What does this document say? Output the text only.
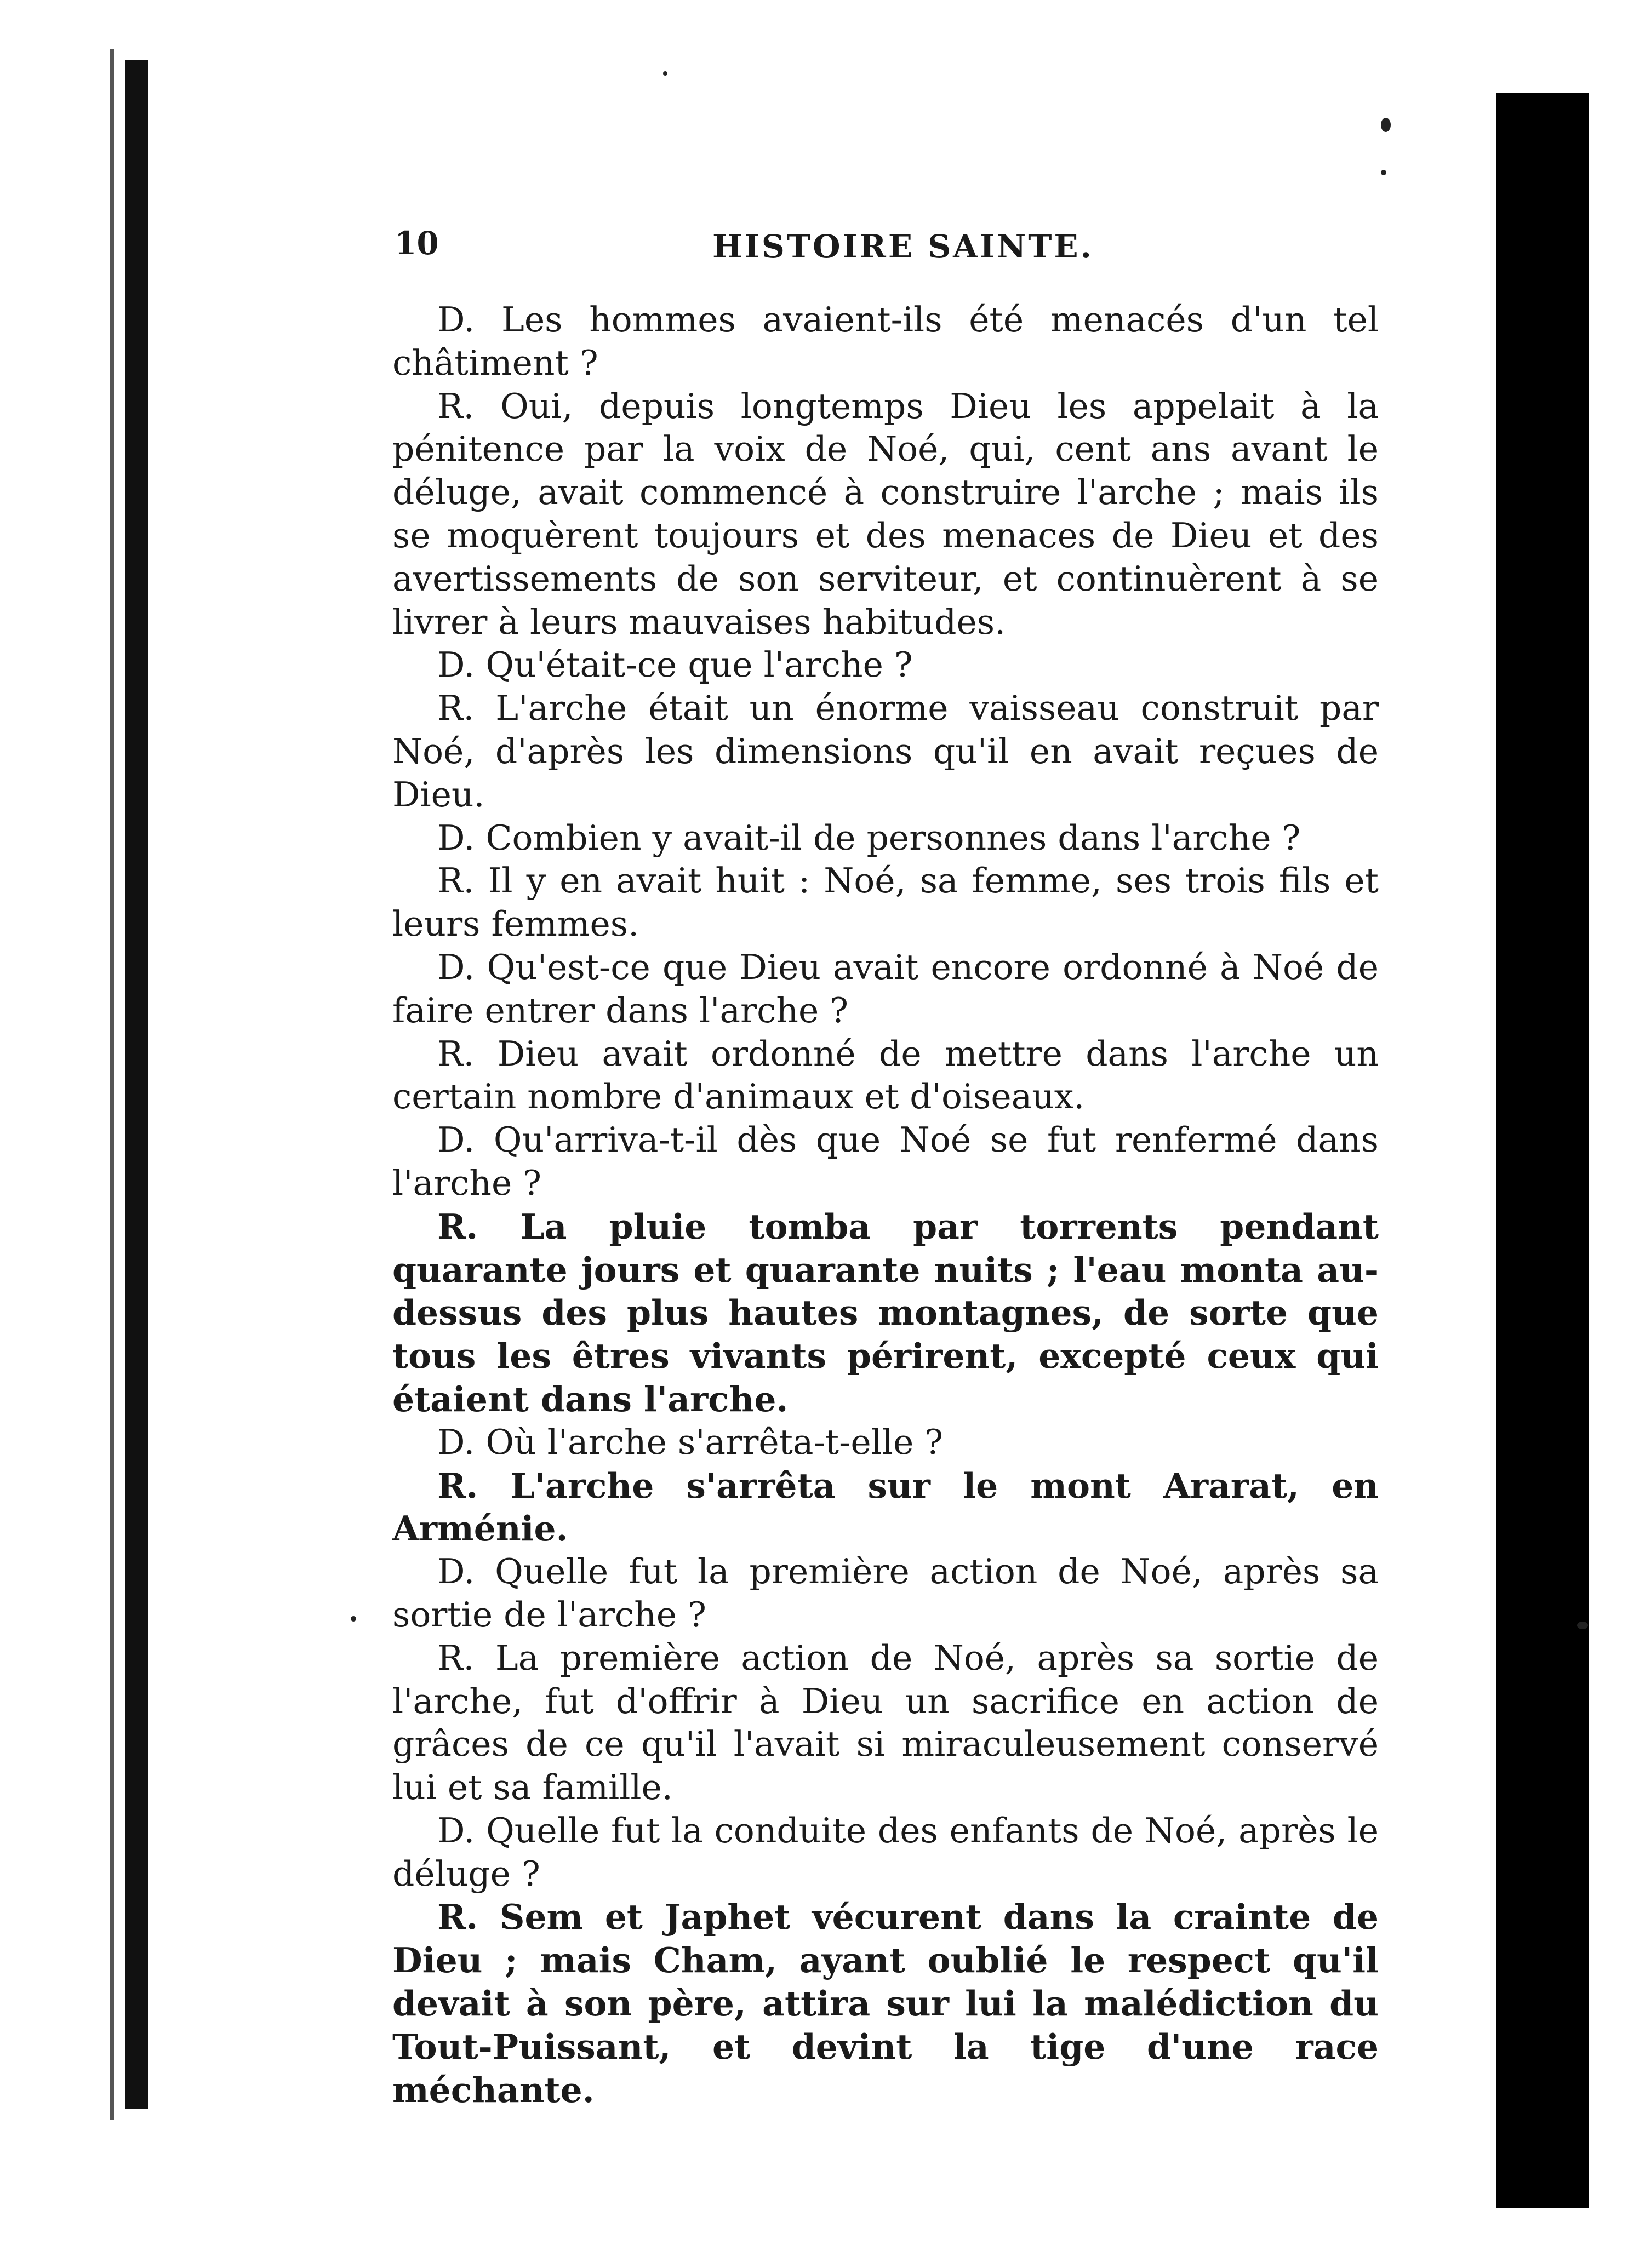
10	HISTOIRE SAINTE.

D. Les hommes avaient-ils été menacés d'un tel châtiment ?

R. Oui, depuis longtemps Dieu les appelait à la pénitence par la voix de Noé, qui, cent ans avant le déluge, avait commencé à construire l'arche ; mais ils se moquèrent toujours et des menaces de Dieu et des avertissements de son serviteur, et continuèrent à se livrer à leurs mauvaises habitudes.

D. Qu'était-ce que l'arche ?

R. L'arche était un énorme vaisseau construit par Noé, d'après les dimensions qu'il en avait reçues de Dieu.

D. Combien y avait-il de personnes dans l'arche ?

R. Il y en avait huit : Noé, sa femme, ses trois fils et leurs femmes.

D. Qu'est-ce que Dieu avait encore ordonné à Noé de faire entrer dans l'arche ?

R. Dieu avait ordonné de mettre dans l'arche un certain nombre d'animaux et d'oiseaux.

D. Qu'arriva-t-il dès que Noé se fut renfermé dans l'arche ?

R. La pluie tomba par torrents pendant quarante jours et quarante nuits ; l'eau monta au-dessus des plus hautes montagnes, de sorte que tous les êtres vivants périrent, excepté ceux qui étaient dans l'arche.

D. Où l'arche s'arrêta-t-elle ?

R. L'arche s'arrêta sur le mont Ararat, en Arménie.

D. Quelle fut la première action de Noé, après sa sortie de l'arche ?

R. La première action de Noé, après sa sortie de l'arche, fut d'offrir à Dieu un sacrifice en action de grâces de ce qu'il l'avait si miraculeusement conservé lui et sa famille.

D. Quelle fut la conduite des enfants de Noé, après le déluge ?

R. Sem et Japhet vécurent dans la crainte de Dieu ; mais Cham, ayant oublié le respect qu'il devait à son père, attira sur lui la malédiction du Tout-Puissant, et devint la tige d'une race méchante.
